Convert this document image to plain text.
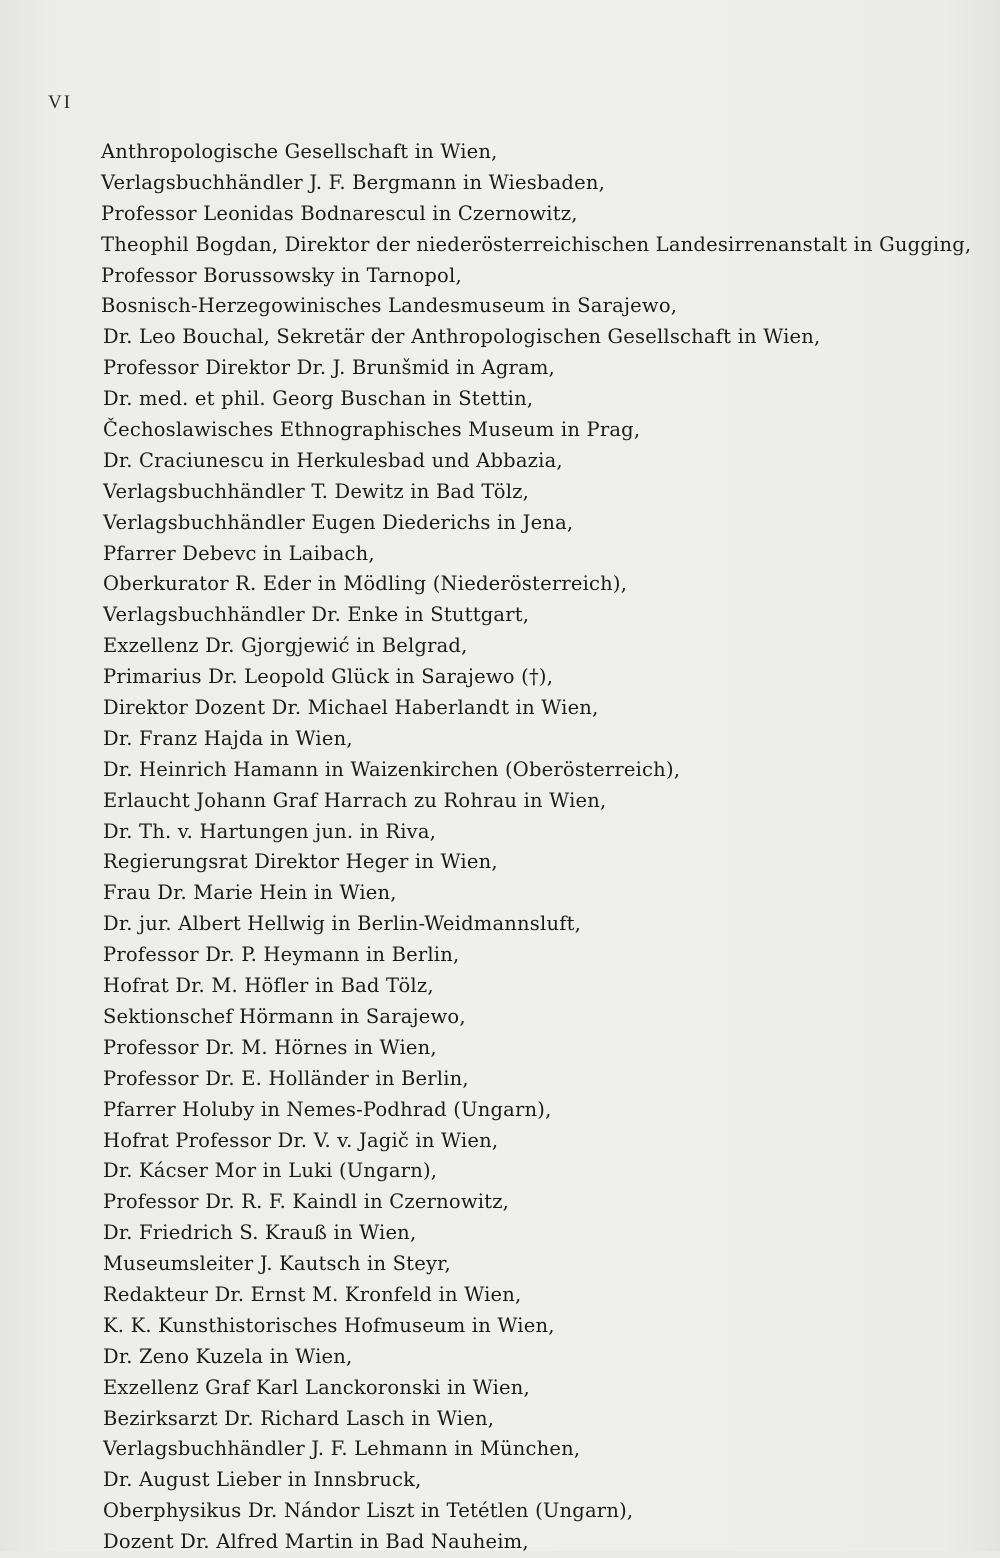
VI
Anthropologische Gesellschaft in Wien,
Verlagsbuchhändler J. F. Bergmann in Wiesbaden,
Professor Leonidas Bodnarescul in Czernowitz,
Theophil Bogdan, Direktor der niederösterreichischen Landesirrenanstalt in Gugging,
Professor Borussowsky in Tarnopol,
Bosnisch-Herzegowinisches Landesmuseum in Sarajewo,
Dr. Leo Bouchal, Sekretär der Anthropologischen Gesellschaft in Wien,
Professor Direktor Dr. J. Brunšmid in Agram,
Dr. med. et phil. Georg Buschan in Stettin,
Čechoslawisches Ethnographisches Museum in Prag,
Dr. Craciunescu in Herkulesbad und Abbazia,
Verlagsbuchhändler T. Dewitz in Bad Tölz,
Verlagsbuchhändler Eugen Diederichs in Jena,
Pfarrer Debevc in Laibach,
Oberkurator R. Eder in Mödling (Niederösterreich),
Verlagsbuchhändler Dr. Enke in Stuttgart,
Exzellenz Dr. Gjorgjewić in Belgrad,
Primarius Dr. Leopold Glück in Sarajewo (†),
Direktor Dozent Dr. Michael Haberlandt in Wien,
Dr. Franz Hajda in Wien,
Dr. Heinrich Hamann in Waizenkirchen (Oberösterreich),
Erlaucht Johann Graf Harrach zu Rohrau in Wien,
Dr. Th. v. Hartungen jun. in Riva,
Regierungsrat Direktor Heger in Wien,
Frau Dr. Marie Hein in Wien,
Dr. jur. Albert Hellwig in Berlin-Weidmannsluft,
Professor Dr. P. Heymann in Berlin,
Hofrat Dr. M. Höfler in Bad Tölz,
Sektionschef Hörmann in Sarajewo,
Professor Dr. M. Hörnes in Wien,
Professor Dr. E. Holländer in Berlin,
Pfarrer Holuby in Nemes-Podhrad (Ungarn),
Hofrat Professor Dr. V. v. Jagič in Wien,
Dr. Kácser Mor in Luki (Ungarn),
Professor Dr. R. F. Kaindl in Czernowitz,
Dr. Friedrich S. Krauß in Wien,
Museumsleiter J. Kautsch in Steyr,
Redakteur Dr. Ernst M. Kronfeld in Wien,
K. K. Kunsthistorisches Hofmuseum in Wien,
Dr. Zeno Kuzela in Wien,
Exzellenz Graf Karl Lanckoronski in Wien,
Bezirksarzt Dr. Richard Lasch in Wien,
Verlagsbuchhändler J. F. Lehmann in München,
Dr. August Lieber in Innsbruck,
Oberphysikus Dr. Nándor Liszt in Tetétlen (Ungarn),
Dozent Dr. Alfred Martin in Bad Nauheim,
